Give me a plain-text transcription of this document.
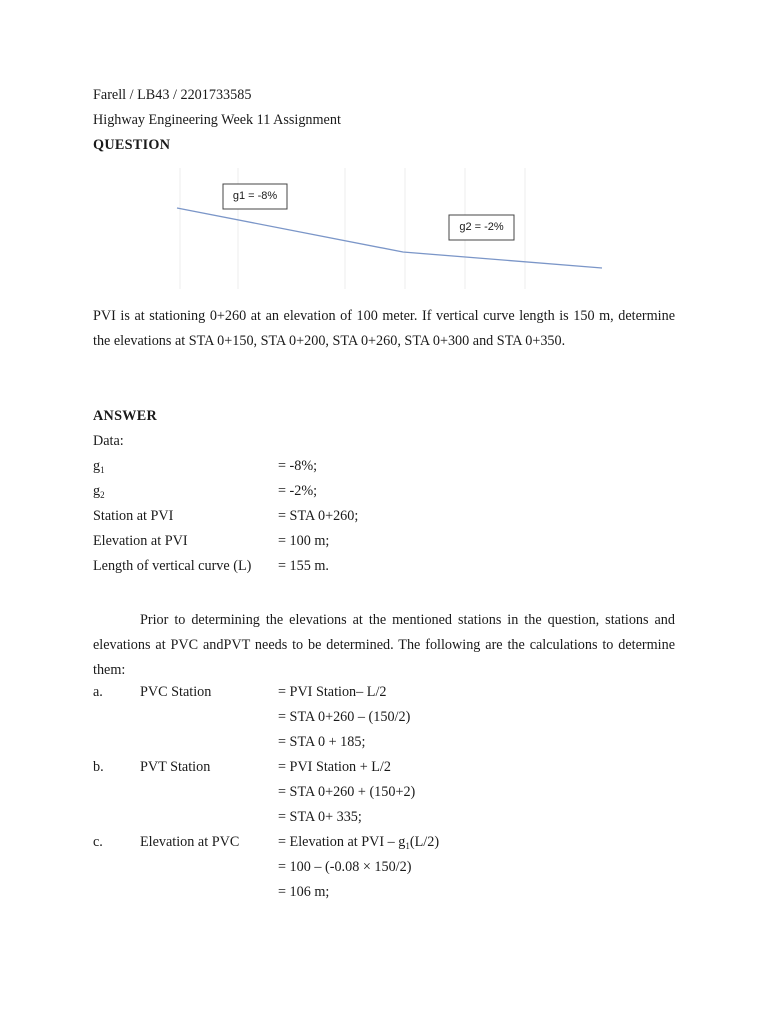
Farell / LB43 / 2201733585
Highway Engineering Week 11 Assignment
QUESTION
g1 = -8%
g2 = -2%
PVI is at stationing 0+260 at an elevation of 100 meter. If vertical curve length is 150 m, determine the elevations at STA 0+150, STA 0+200, STA 0+260, STA 0+300 and STA 0+350.
ANSWER
Data:
$g_1$	= -8%;
$g_2$	= -2%;
Station at PVI	= STA 0+260;
Elevation at PVI	= 100 m;
Length of vertical curve (L) = 155 m.
Prior to determining the elevations at the mentioned stations in the question, stations and elevations at PVC andPVT needs to be determined. The following are the calculations to determine them:
a.	PVC Station	= PVI Station– L/2
= STA 0+260 – (150/2)
= STA 0 + 185;
b.	PVT Station	= PVI Station + L/2
= STA 0+260 + (150+2)
= STA 0+ 335;
c.	Elevation at PVC	= Elevation at PVI – $g_1(L/2)$
= 100 – (-0.08 × 150/2)
= 106 m;
